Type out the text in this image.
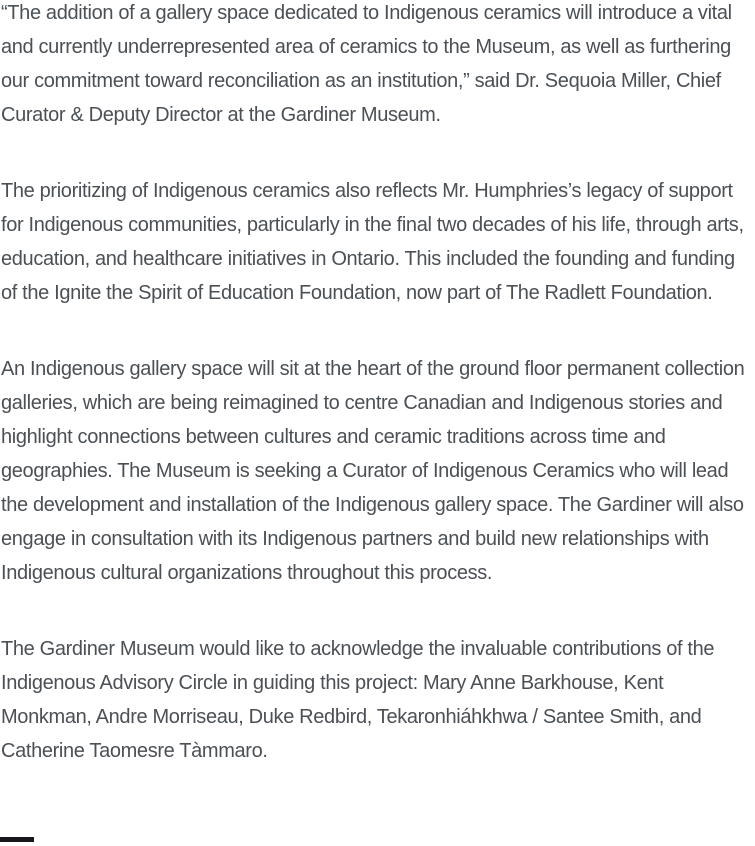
“The addition of a gallery space dedicated to Indigenous ceramics will introduce a vital and currently underrepresented area of ceramics to the Museum, as well as furthering our commitment toward reconciliation as an institution,” said Dr. Sequoia Miller, Chief Curator & Deputy Director at the Gardiner Museum.

The prioritizing of Indigenous ceramics also reflects Mr. Humphries’s legacy of support for Indigenous communities, particularly in the final two decades of his life, through arts, education, and healthcare initiatives in Ontario. This included the founding and funding of the Ignite the Spirit of Education Foundation, now part of The Radlett Foundation.

An Indigenous gallery space will sit at the heart of the ground floor permanent collection galleries, which are being reimagined to centre Canadian and Indigenous stories and highlight connections between cultures and ceramic traditions across time and geographies. The Museum is seeking a Curator of Indigenous Ceramics who will lead the development and installation of the Indigenous gallery space. The Gardiner will also engage in consultation with its Indigenous partners and build new relationships with Indigenous cultural organizations throughout this process.

The Gardiner Museum would like to acknowledge the invaluable contributions of the Indigenous Advisory Circle in guiding this project: Mary Anne Barkhouse, Kent Monkman, Andre Morriseau, Duke Redbird, Tekaronhiáhkhwa / Santee Smith, and Catherine Taomesre Tàmmaro.
